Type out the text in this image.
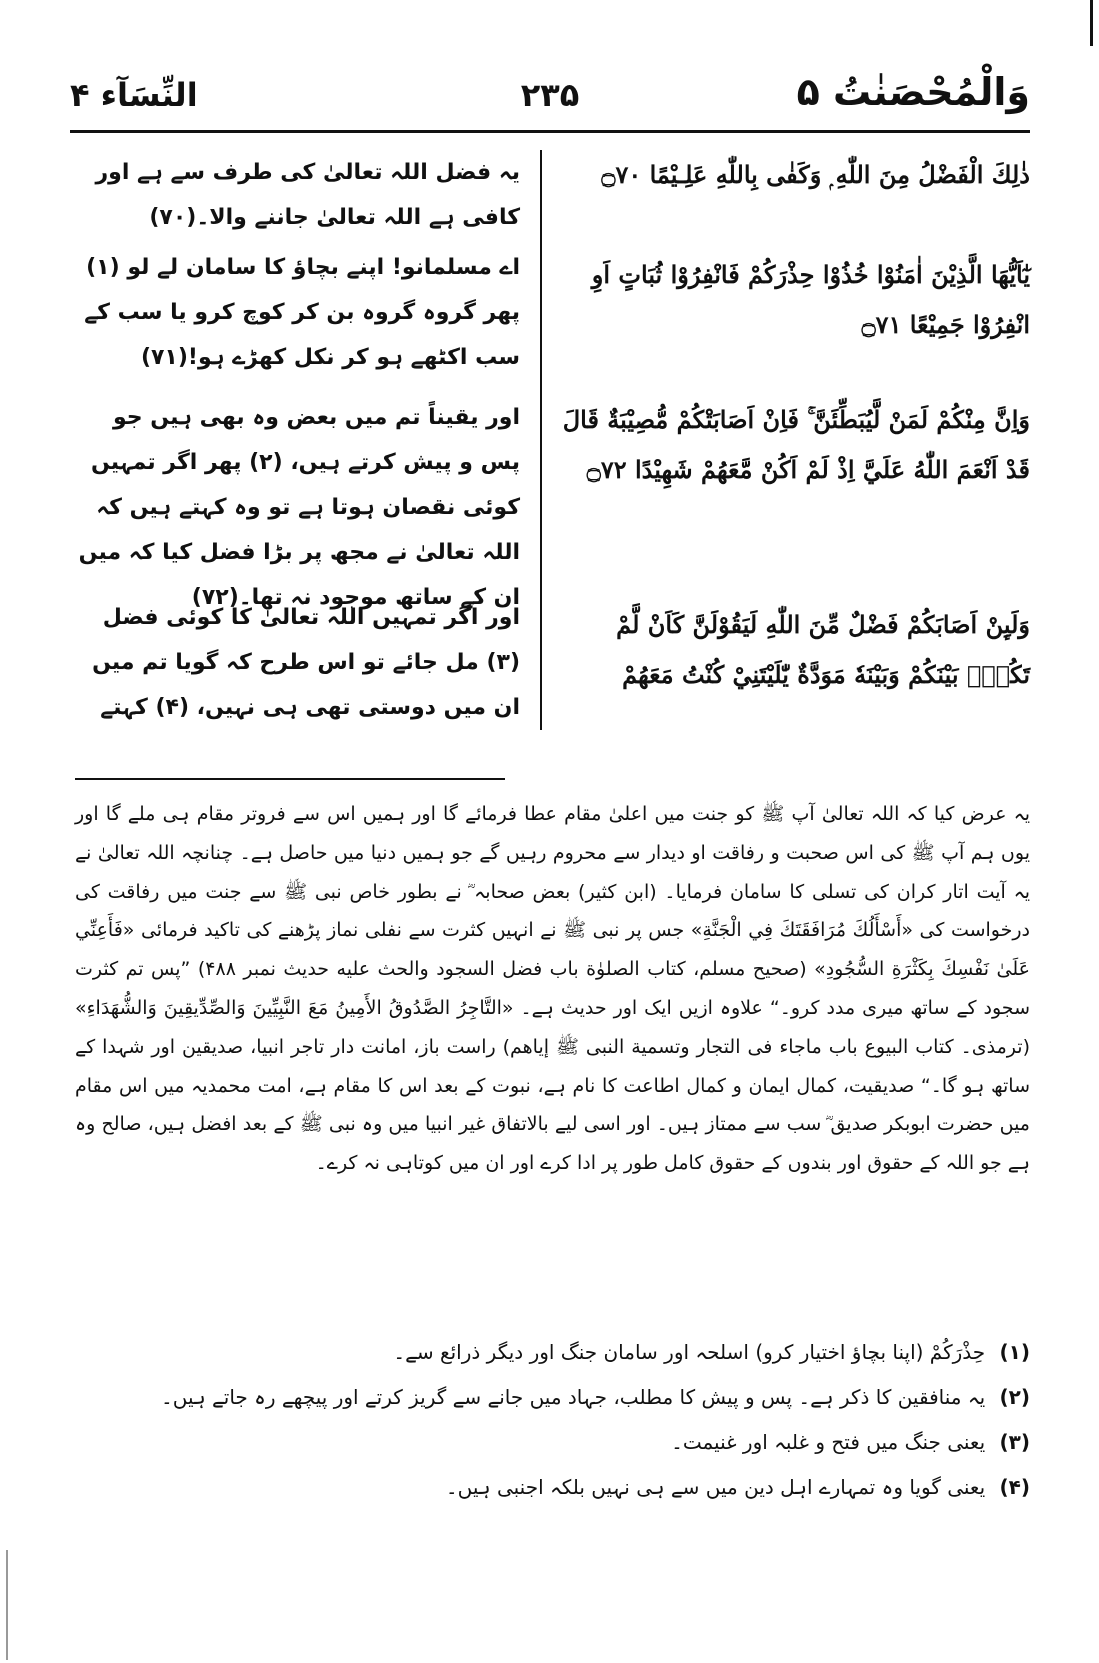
وَالْمُحْصَنٰتُ ۵
۲۳۵
النِّسَآء ۴
ذٰلِكَ الْفَضْلُ مِنَ اللّٰهِ ۭ وَكَفٰى بِاللّٰهِ عَلِـيْمًا ۝۷۰
يٰٓاَيُّھَا الَّذِيْنَ اٰمَنُوْا خُذُوْا حِذْرَكُمْ فَانْفِرُوْا ثُبَاتٍ اَوِ انْفِرُوْا جَمِيْعًا ۝۷۱
وَاِنَّ مِنْكُمْ لَمَنْ لَّيُبَطِّئَنَّ ۚ فَاِنْ اَصَابَتْكُمْ مُّصِيْبَةٌ قَالَ قَدْ اَنْعَمَ اللّٰهُ عَلَيَّ اِذْ لَمْ اَكُنْ مَّعَھُمْ شَهِيْدًا ۝۷۲
وَلَىِٕنْ اَصَابَكُمْ فَضْلٌ مِّنَ اللّٰهِ لَيَقُوْلَنَّ كَاَنْ لَّمْ تَكُنْۢ بَيْنَكُمْ وَبَيْنَهٗ مَوَدَّةٌ يّٰلَيْتَنِيْ كُنْتُ مَعَھُمْ
یہ فضل اللہ تعالیٰ کی طرف سے ہے اور کافی ہے اللہ تعالیٰ جاننے والا۔(۷۰)
اے مسلمانو! اپنے بچاؤ کا سامان لے لو (۱) پھر گروہ گروہ بن کر کوچ کرو یا سب کے سب اکٹھے ہو کر نکل کھڑے ہو!(۷۱)
اور یقیناً تم میں بعض وہ بھی ہیں جو پس و پیش کرتے ہیں، (۲) پھر اگر تمہیں کوئی نقصان ہوتا ہے تو وہ کہتے ہیں کہ اللہ تعالیٰ نے مجھ پر بڑا فضل کیا کہ میں ان کے ساتھ موجود نہ تھا۔(۷۲)
اور اگر تمہیں اللہ تعالیٰ کا کوئی فضل (۳) مل جائے تو اس طرح کہ گویا تم میں ان میں دوستی تھی ہی نہیں، (۴) کہتے
یہ عرض کیا کہ اللہ تعالیٰ آپ ﷺ کو جنت میں اعلیٰ مقام عطا فرمائے گا اور ہمیں اس سے فروتر مقام ہی ملے گا اور یوں ہم آپ ﷺ کی اس صحبت و رفاقت او دیدار سے محروم رہیں گے جو ہمیں دنیا میں حاصل ہے۔ چنانچہ اللہ تعالیٰ نے یہ آیت اتار کران کی تسلی کا سامان فرمایا۔ (ابن کثیر) بعض صحابہ ؓ نے بطور خاص نبی ﷺ سے جنت میں رفاقت کی درخواست کی «أَسْأَلُكَ مُرَافَقَتَكَ فِي الْجَنَّةِ» جس پر نبی ﷺ نے انہیں کثرت سے نفلی نماز پڑھنے کی تاکید فرمائی «فَأَعِنِّي عَلَىٰ نَفْسِكَ بِكَثْرَةِ السُّجُودِ» (صحیح مسلم، کتاب الصلوٰة باب فضل السجود والحث علیه حدیث نمبر ۴۸۸) ”پس تم کثرت سجود کے ساتھ میری مدد کرو۔“ علاوہ ازیں ایک اور حدیث ہے۔ «التَّاجِرُ الصَّدُوقُ الأَمِينُ مَعَ النَّبِيِّينَ وَالصِّدِّيقِينَ وَالشُّهَدَاءِ» (ترمذی۔ کتاب البیوع باب ماجاء فی التجار وتسمیة النبی ﷺ إیاھم) راست باز، امانت دار تاجر انبیا، صدیقین اور شہدا کے ساتھ ہو گا۔“ صدیقیت، کمال ایمان و کمال اطاعت کا نام ہے، نبوت کے بعد اس کا مقام ہے، امت محمدیہ میں اس مقام میں حضرت ابوبکر صدیق ؓ سب سے ممتاز ہیں۔ اور اسی لیے بالاتفاق غیر انبیا میں وہ نبی ﷺ کے بعد افضل ہیں، صالح وہ ہے جو اللہ کے حقوق اور بندوں کے حقوق کامل طور پر ادا کرے اور ان میں کوتاہی نہ کرے۔
(۱) حِذْرَكُمْ (اپنا بچاؤ اختیار کرو) اسلحہ اور سامان جنگ اور دیگر ذرائع سے۔
(۲) یہ منافقین کا ذکر ہے۔ پس و پیش کا مطلب، جہاد میں جانے سے گریز کرتے اور پیچھے رہ جاتے ہیں۔
(۳) یعنی جنگ میں فتح و غلبہ اور غنیمت۔
(۴) یعنی گویا وہ تمہارے اہل دین میں سے ہی نہیں بلکہ اجنبی ہیں۔
